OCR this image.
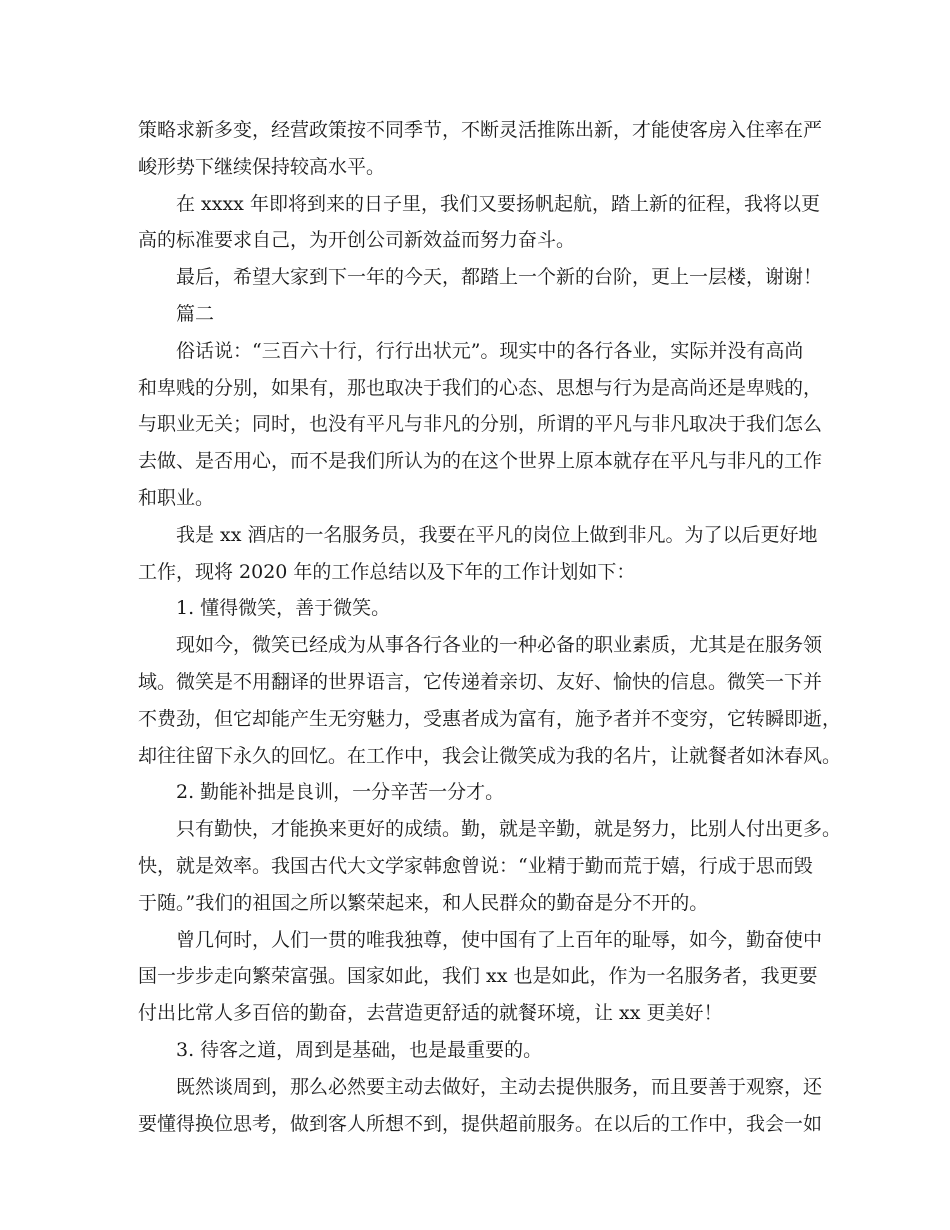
策略求新多变，经营政策按不同季节，不断灵活推陈出新，才能使客房入住率在严
峻形势下继续保持较高水平。
在 xxxx 年即将到来的日子里，我们又要扬帆起航，踏上新的征程，我将以更
高的标准要求自己，为开创公司新效益而努力奋斗。
最后，希望大家到下一年的今天，都踏上一个新的台阶，更上一层楼，谢谢！
篇二
俗话说：“三百六十行，行行出状元”。现实中的各行各业，实际并没有高尚
和卑贱的分别，如果有，那也取决于我们的心态、思想与行为是高尚还是卑贱的，
与职业无关；同时，也没有平凡与非凡的分别，所谓的平凡与非凡取决于我们怎么
去做、是否用心，而不是我们所认为的在这个世界上原本就存在平凡与非凡的工作
和职业。
我是 xx 酒店的一名服务员，我要在平凡的岗位上做到非凡。为了以后更好地
工作，现将 2020 年的工作总结以及下年的工作计划如下：
1. 懂得微笑，善于微笑。
现如今，微笑已经成为从事各行各业的一种必备的职业素质，尤其是在服务领
域。微笑是不用翻译的世界语言，它传递着亲切、友好、愉快的信息。微笑一下并
不费劲，但它却能产生无穷魅力，受惠者成为富有，施予者并不变穷，它转瞬即逝，
却往往留下永久的回忆。在工作中，我会让微笑成为我的名片，让就餐者如沐春风。
2. 勤能补拙是良训，一分辛苦一分才。
只有勤快，才能换来更好的成绩。勤，就是辛勤，就是努力，比别人付出更多。
快，就是效率。我国古代大文学家韩愈曾说：“业精于勤而荒于嬉，行成于思而毁
于随。”我们的祖国之所以繁荣起来，和人民群众的勤奋是分不开的。
曾几何时，人们一贯的唯我独尊，使中国有了上百年的耻辱，如今，勤奋使中
国一步步走向繁荣富强。国家如此，我们 xx 也是如此，作为一名服务者，我更要
付出比常人多百倍的勤奋，去营造更舒适的就餐环境，让 xx 更美好！
3. 待客之道，周到是基础，也是最重要的。
既然谈周到，那么必然要主动去做好，主动去提供服务，而且要善于观察，还
要懂得换位思考，做到客人所想不到，提供超前服务。在以后的工作中，我会一如
